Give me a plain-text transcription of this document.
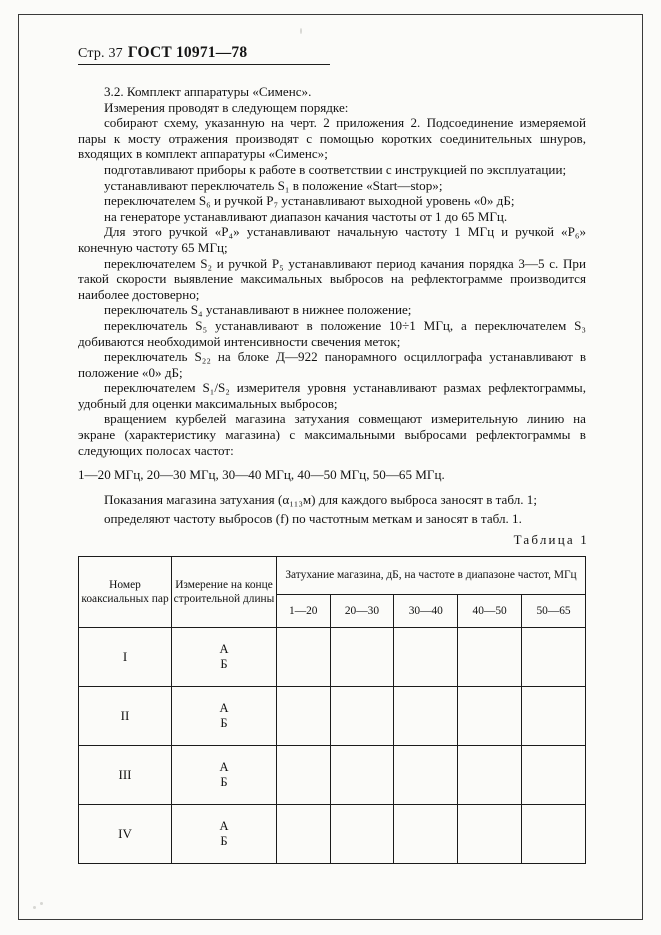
Стр. 37 ГОСТ 10971—78

3.2. Комплект аппаратуры «Сименс».

Измерения проводят в следующем порядке:

собирают схему, указанную на черт. 2 приложения 2. Подсоединение измеряемой пары к мосту отражения производят с помощью коротких соединительных шнуров, входящих в комплект аппаратуры «Сименс»;

подготавливают приборы к работе в соответствии с инструкцией по эксплуатации;

устанавливают переключатель S₁ в положение «Start—stop»;

переключателем S₆ и ручкой P₇ устанавливают выходной уровень «0» дБ;

на генераторе устанавливают диапазон качания частоты от 1 до 65 МГц.

Для этого ручкой «P₄» устанавливают начальную частоту 1 МГц и ручкой «P₆» конечную частоту 65 МГц;

переключателем S₂ и ручкой P₅ устанавливают период качания порядка 3—5 с. При такой скорости выявление максимальных выбросов на рефлектограмме производится наиболее достоверно;

переключатель S₄ устанавливают в нижнее положение;

переключатель S₅ устанавливают в положение 10÷1 МГц, а переключателем S₃ добиваются необходимой интенсивности свечения меток;

переключатель S₂₂ на блоке Д—922 панорамного осциллографа устанавливают в положение «0» дБ;

переключателем S₁/S₂ измерителя уровня устанавливают размах рефлектограммы, удобный для оценки максимальных выбросов;

вращением курбелей магазина затухания совмещают измерительную линию на экране (характеристику магазина) с максимальными выбросами рефлектограммы в следующих полосах частот:

1—20 МГц, 20—30 МГц, 30—40 МГц, 40—50 МГц, 50—65 МГц.

Показания магазина затухания (α₁₁₃м) для каждого выброса заносят в табл. 1;

определяют частоту выбросов (f) по частотным меткам и заносят в табл. 1.

Таблица 1
Номер коаксиальных пар	Измерение на конце строительной длины	Затухание магазина, дБ, на частоте в диапазоне частот, МГц				
		1—20	20—30	30—40	40—50	50—65
I	А
Б					

II	А
Б					

III	А
Б					

IV	А
Б					
